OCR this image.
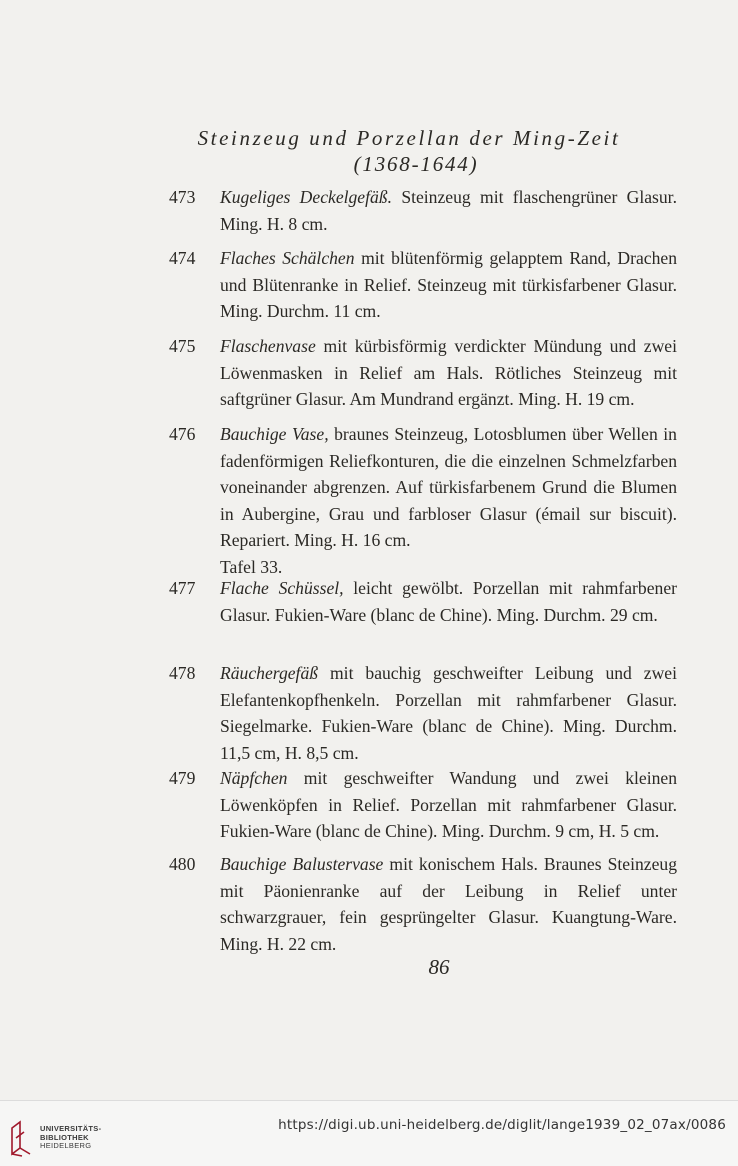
Steinzeug und Porzellan der Ming-Zeit
(1368-1644)
473	Kugeliges Deckelgefäß. Steinzeug mit flaschengrüner Glasur. Ming. H. 8 cm.
474	Flaches Schälchen mit blütenförmig gelapptem Rand, Drachen und Blütenranke in Relief. Steinzeug mit türkisfarbener Glasur. Ming. Durchm. 11 cm.
475	Flaschenvase mit kürbisförmig verdickter Mündung und zwei Löwenmasken in Relief am Hals. Rötliches Steinzeug mit saftgrüner Glasur. Am Mundrand ergänzt. Ming. H. 19 cm.
476	Bauchige Vase, braunes Steinzeug, Lotosblumen über Wellen in fadenförmigen Reliefkonturen, die die einzelnen Schmelzfarben voneinander abgrenzen. Auf türkisfarbenem Grund die Blumen in Aubergine, Grau und farbloser Glasur (émail sur biscuit). Repariert. Ming. H. 16 cm.
Tafel 33.
477	Flache Schüssel, leicht gewölbt. Porzellan mit rahmfarbener Glasur. Fukien-Ware (blanc de Chine). Ming. Durchm. 29 cm.
478	Räuchergefäß mit bauchig geschweifter Leibung und zwei Elefantenkopfhenkeln. Porzellan mit rahmfarbener Glasur. Siegelmarke. Fukien-Ware (blanc de Chine). Ming. Durchm. 11,5 cm, H. 8,5 cm.
479	Näpfchen mit geschweifter Wandung und zwei kleinen Löwenköpfen in Relief. Porzellan mit rahmfarbener Glasur. Fukien-Ware (blanc de Chine). Ming. Durchm. 9 cm, H. 5 cm.
480	Bauchige Balustervase mit konischem Hals. Braunes Steinzeug mit Päonienranke auf der Leibung in Relief unter schwarzgrauer, fein gesprüngelter Glasur. Kuangtung-Ware. Ming. H. 22 cm.
86
UNIVERSITÄTS-
BIBLIOTHEK
HEIDELBERG
https://digi.ub.uni-heidelberg.de/diglit/lange1939_02_07ax/0086
